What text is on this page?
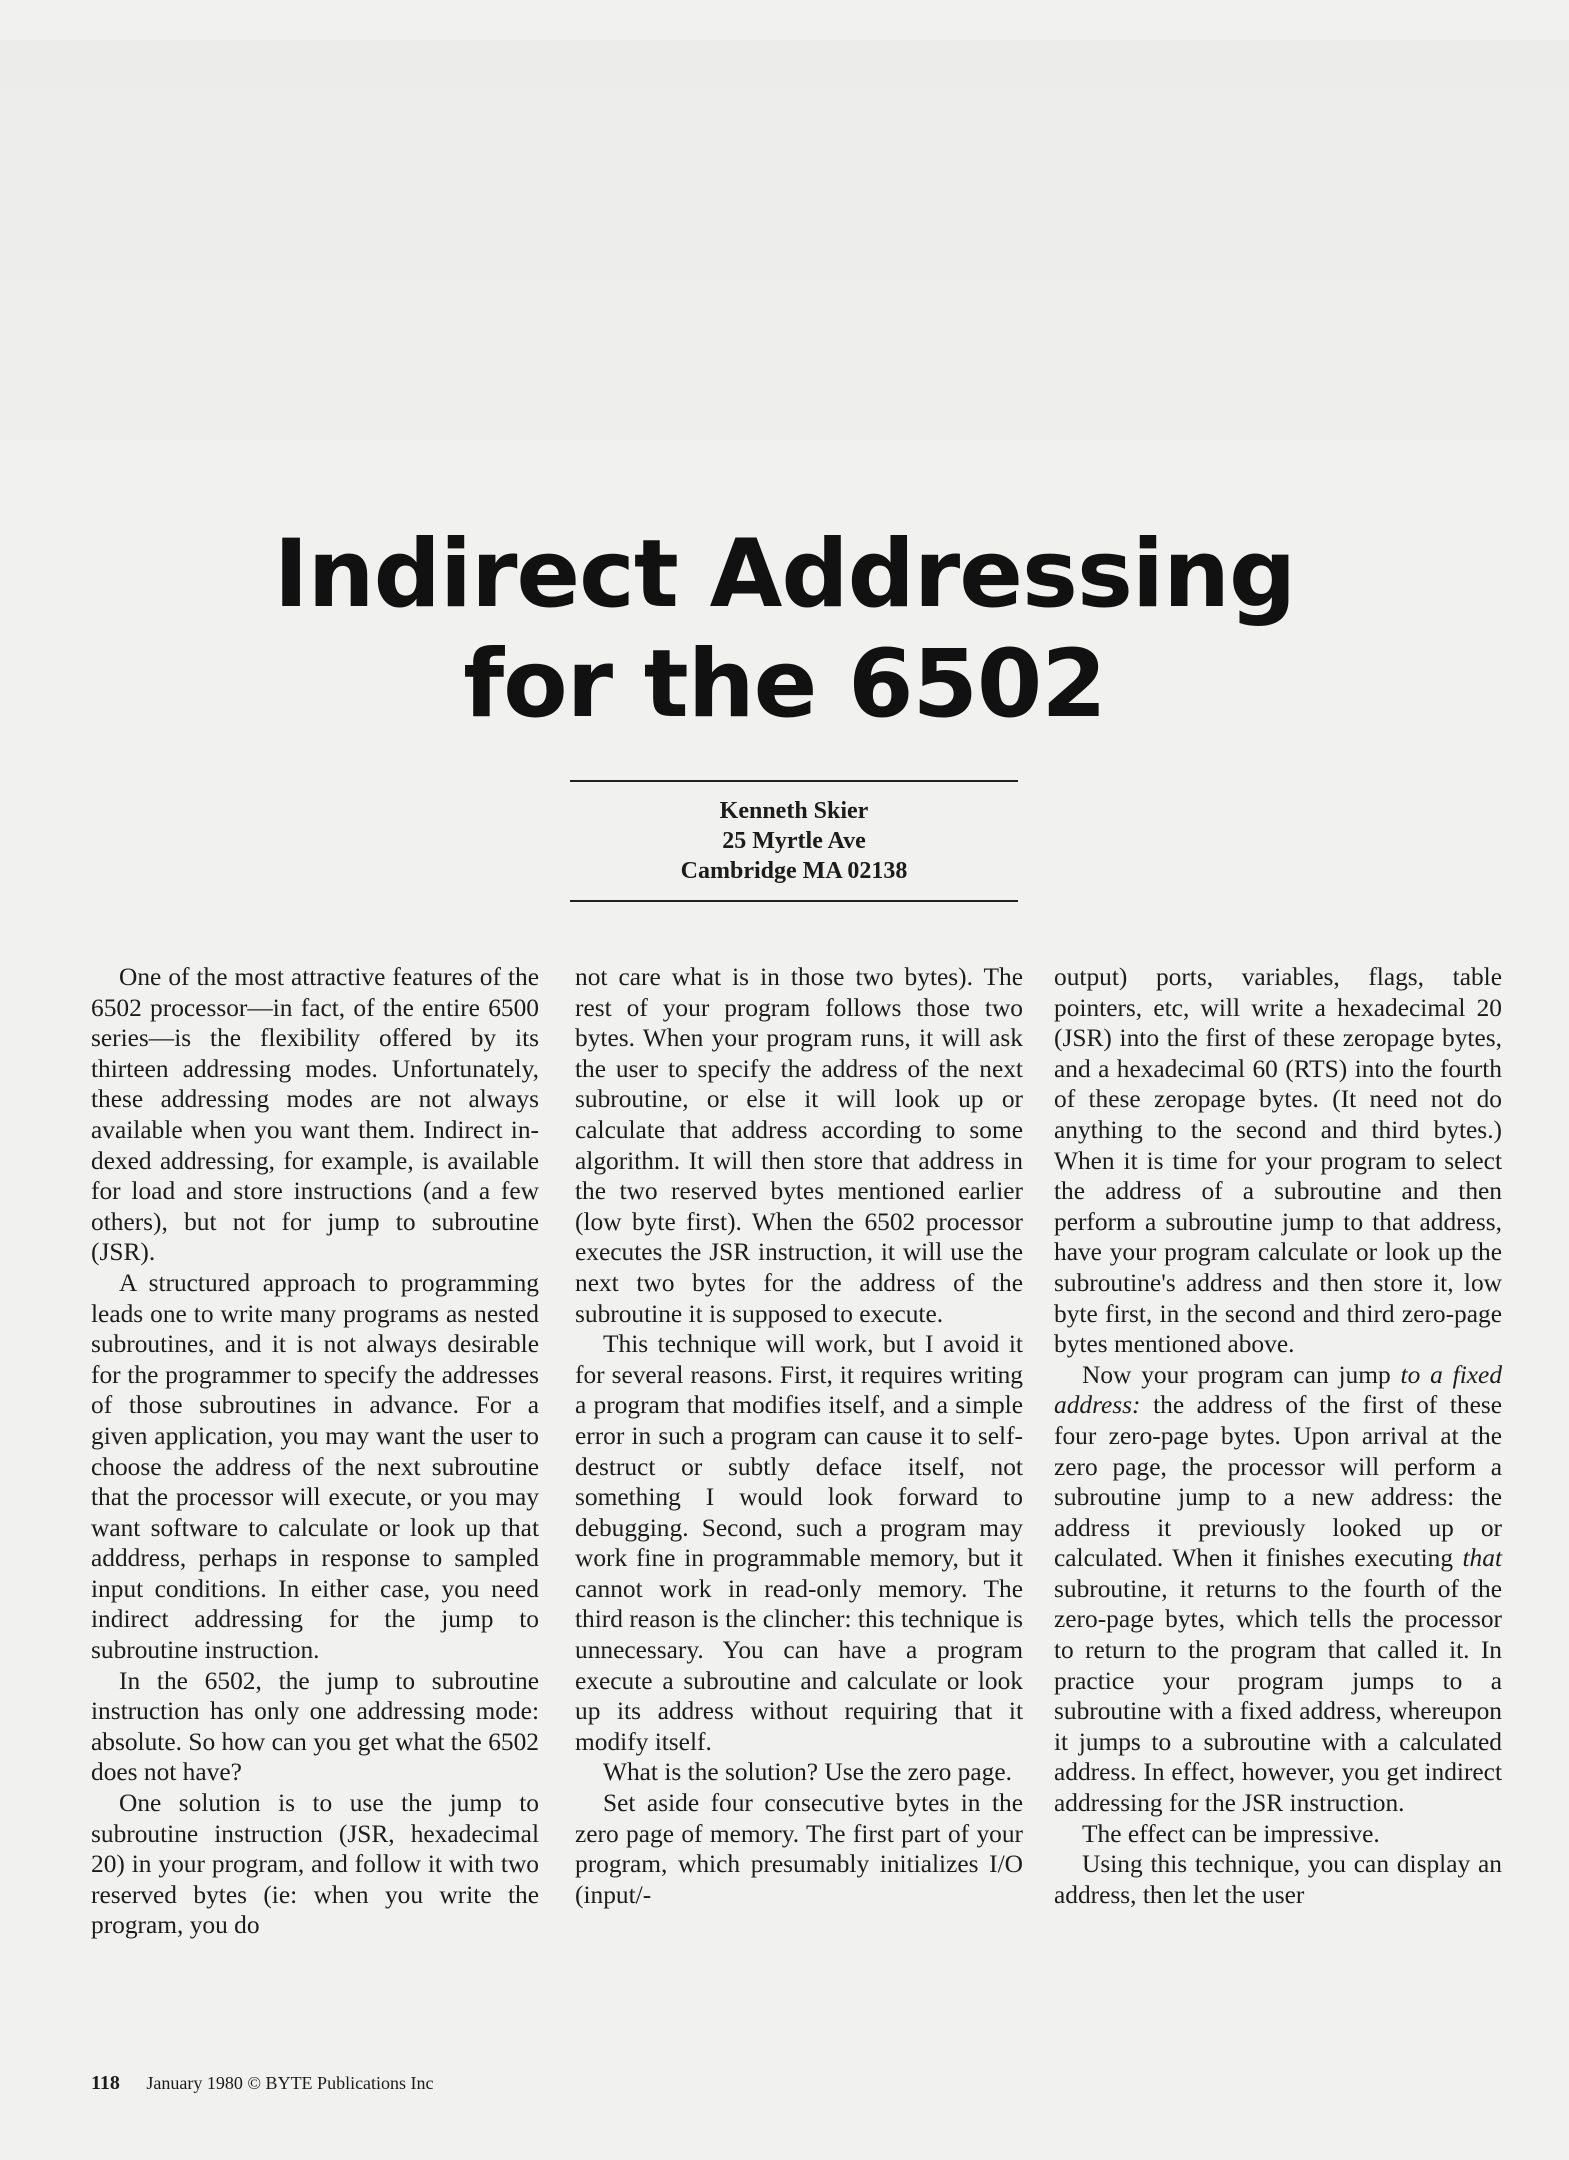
Indirect Addressing
for the 6502
Kenneth Skier
25 Myrtle Ave
Cambridge MA 02138

One of the most attractive features of the 6502 processor—in fact, of the entire 6500 series—is the flexibility offered by its thirteen addressing modes. Unfortunately, these addressing modes are not always available when you want them. Indirect indexed addressing, for example, is available for load and store instructions (and a few others), but not for jump to subroutine (JSR).

A structured approach to programming leads one to write many programs as nested subroutines, and it is not always desirable for the programmer to specify the addresses of those subroutines in advance. For a given application, you may want the user to choose the address of the next subroutine that the processor will execute, or you may want software to calculate or look up that adddress, perhaps in response to sampled input conditions. In either case, you need indirect addressing for the jump to subroutine instruction.

In the 6502, the jump to subroutine instruction has only one addressing mode: absolute. So how can you get what the 6502 does not have?

One solution is to use the jump to subroutine instruction (JSR, hexadecimal 20) in your program, and follow it with two reserved bytes (ie: when you write the program, you do

not care what is in those two bytes). The rest of your program follows those two bytes. When your program runs, it will ask the user to specify the address of the next subroutine, or else it will look up or calculate that address according to some algorithm. It will then store that address in the two reserved bytes mentioned earlier (low byte first). When the 6502 processor executes the JSR instruction, it will use the next two bytes for the address of the subroutine it is supposed to execute.

This technique will work, but I avoid it for several reasons. First, it requires writing a program that modifies itself, and a simple error in such a program can cause it to self-destruct or subtly deface itself, not something I would look forward to debugging. Second, such a program may work fine in programmable memory, but it cannot work in read-only memory. The third reason is the clincher: this technique is unnecessary. You can have a program execute a subroutine and calculate or look up its address without requiring that it modify itself.

What is the solution? Use the zero page.

Set aside four consecutive bytes in the zero page of memory. The first part of your program, which presumably initializes I/O (input/-

output) ports, variables, flags, table pointers, etc, will write a hexadecimal 20 (JSR) into the first of these zeropage bytes, and a hexadecimal 60 (RTS) into the fourth of these zeropage bytes. (It need not do anything to the second and third bytes.) When it is time for your program to select the address of a subroutine and then perform a subroutine jump to that address, have your program calculate or look up the subroutine's address and then store it, low byte first, in the second and third zero-page bytes mentioned above.

Now your program can jump to a fixed address: the address of the first of these four zero-page bytes. Upon arrival at the zero page, the processor will perform a subroutine jump to a new address: the address it previously looked up or calculated. When it finishes executing that subroutine, it returns to the fourth of the zero-page bytes, which tells the processor to return to the program that called it. In practice your program jumps to a subroutine with a fixed address, whereupon it jumps to a subroutine with a calculated address. In effect, however, you get indirect addressing for the JSR instruction.

The effect can be impressive.

Using this technique, you can display an address, then let the user

118 January 1980 © BYTE Publications Inc
